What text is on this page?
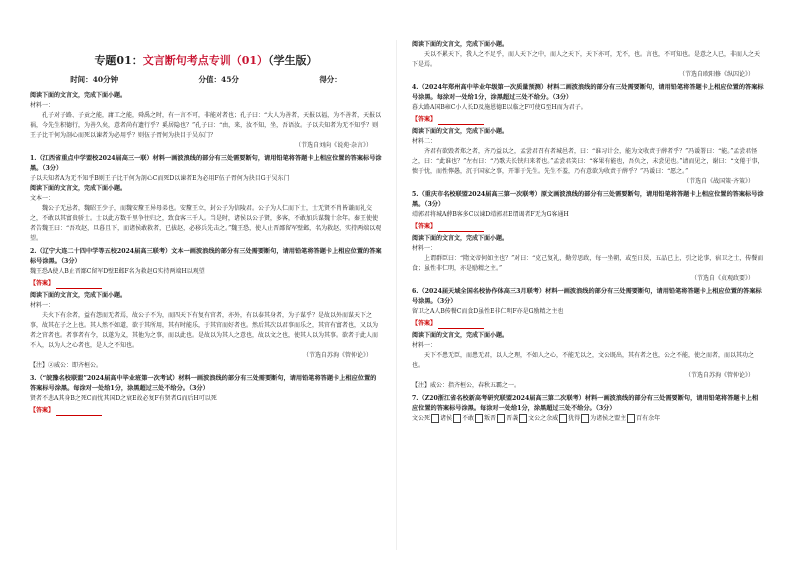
专题01：文言断句考点专训（01）（学生版）
时间：40分钟	分值：45分	得分：

阅读下面的文言文，完成下面小题。

材料一：

孔子对子路、子贡之能，庸工之能，舜禹之时，有一言不可，非能对者也；孔子曰：“大人为善者，天报以福，为不善者，天报以祸，今先生积德行，为善久矣，意者尚有遗行乎？奚居隐也？”孔子曰：“由，来，汝不知，坐，吾语汝。子以夫知者为无不知乎？则王子比干何为剖心而死以谏者为必用乎？则伍子胥何为抉目于吴东门？

（节选自刘向《说苑·杂言》）

1.（江西省重点中学盟校2024届高三一联）材料一画波浪线的部分有三处需要断句，请用铅笔将答题卡上相应位置的答案标号涂黑。（3分）

子以夫知者A为无不知乎B则王子比干何为剖心C而死D以谏者E为必用F伍子胥何为抉目G于吴东门

阅读下面的文言文，完成下面小题。

文本一：

魏公子无忌者，魏昭王少子，而魏安釐王异母弟也。安釐王立，封公子为信陵君。公子为人仁而下士，士无贤不肖皆谦而礼交之，不敢以其富贵骄士。士以此方数千里争往归之，致食客三千人。当是时，诸侯以公子贤，多客，不敢加兵谋魏十余年。秦王使使者告魏王曰：“吾攻赵，旦暮且下，而诸侯敢救者，已拔赵，必移兵先击之。”魏王恐，使人止晋鄙留军壁邺，名为救赵，实持两端以观望。

2.（辽宁大连二十四中学等五校2024届高三联考）文本一画波浪线的部分有三处需要断句，请用铅笔将答题卡上相应位置的答案标号涂黑。（3分）

魏王恐A使人B止晋鄙C留军D壁E邺F名为救赵G实持两端H以观望

【答案】

阅读下面的文言文，完成下面小题。

材料一：

夫火下有余者，益有怨而无者焉，故公子不为，而四天下有复有官者，亦外，有以泰其身者，为子谋乎？是故以外而谋天下之事，故其在子之上也。其人然不如道，欲于其所用，其有时能乐，于其官而好者也。然后其次以君事而乐之，其官有富者也，又以为者之官者也。者事者有令，以遂为义，其他为之事，而以此也。是故以为其人之意也，故以文之也，使其人以为其事。欲者于此人而不入，以为人之心者也，是人之不知也。

（节选自苏洵《管仲论》）

【注】②威公：即齐桓公。

3.（“皖豫名校联盟”2024届高中毕业班第一次考试）材料一画波浪线的部分有三处需要断句，请用铅笔将答题卡上相应位置的答案标号涂黑。每涂对一处给1分，涂黑超过三处不给分。（3分）

贤者不悲A其身B之死C而忧其国D之衰E故必复F有贤者G而后H可以死

【答案】

阅读下面的文言文，完成下面小题。

天以不累天下，我人之不足乎，而人天下之中，而人之天下，天下亦可，无不，也。言也，不可知也。是意之人已，非而人之天下是焉。

（节选自欧阳修《纵囚论》）

4.（2024年郑州高中毕业年级第一次质量预测）材料二画波浪线的部分有三处需要断句，请用铅笔将答题卡上相应位置的答案标号涂黑。每涂对一处给1分，涂黑超过三处不给分。（3分）

暮大路A国B雍C小人长D及施恩德E以临之F可使G至H而为君子。

【答案】

阅读下面的文言文，完成下面小题。

材料二：

齐君有欲毁者郑之者，齐乃益以之，孟尝君召有者城邑者，曰：“谁习计会，能为文收责于薛者乎？”冯谖署曰：“能。”孟尝君怪之，曰：“此谁也？”左右曰：“乃歌夫长铗归来者也。”孟尝君笑曰：“客果有能也，吾负之，未尝见也。”请而见之，谢曰：“文倦于事，愦于忧，而性懧愚，沉于国家之事，开罪于先生。先生不羞，乃有意欲为收责于薛乎？”冯谖曰：“愿之。”

（节选自《战国策·齐策》）

5.（重庆市名校联盟2024届高三第一次联考）原文画波浪线的部分有三处需要断句，请用铅笔将答题卡上相应位置的答案标号涂黑。（3分）

靖郭君将城A薛B客多C以谏D靖郭君E谓谒者F无为G客通H

【答案】

阅读下面的文言文，完成下面小题。

材料一：

上谓群臣曰：“隋文帝何如主也？”对曰：“克己复礼，勤劳思政，每一坐朝，或至日昃，五品已上，引之论事，宿卫之士，传餐而食；虽性非仁明，亦是励精之主。”

（节选自《贞观政要》）

6.（2024届天域全国名校协作体高三3月联考）材料一画波浪线的部分有三处需要断句，请用铅笔将答题卡上相应位置的答案标号涂黑。（3分）

留卫之A人B传餐C而食D虽性E非仁明F亦是G励精之主也

【答案】

阅读下面的文言文，完成下面小题。

材料一：

天下不患无臣，而患无君，以人之理，不如人之心，不能无以之，文公既出，其有者之也，公之不能，使之而者，而以其功之也。

（节选自苏洵《管仲论》）

【注】威公：指齐桓公，春秋五霸之一。

7.（Z20浙江省名校新高考研究联盟2024届高三第二次联考）材料一画波浪线的部分有三处需要断句，请用铅笔将答题卡上相应位置的答案标号涂黑。每涂对一处给1分，涂黑超过三处不给分。（3分）

文公死 诸侯 不敢 叛晋 晋袭 文公之余威 犹得 为诸侯之盟主 百有余年
